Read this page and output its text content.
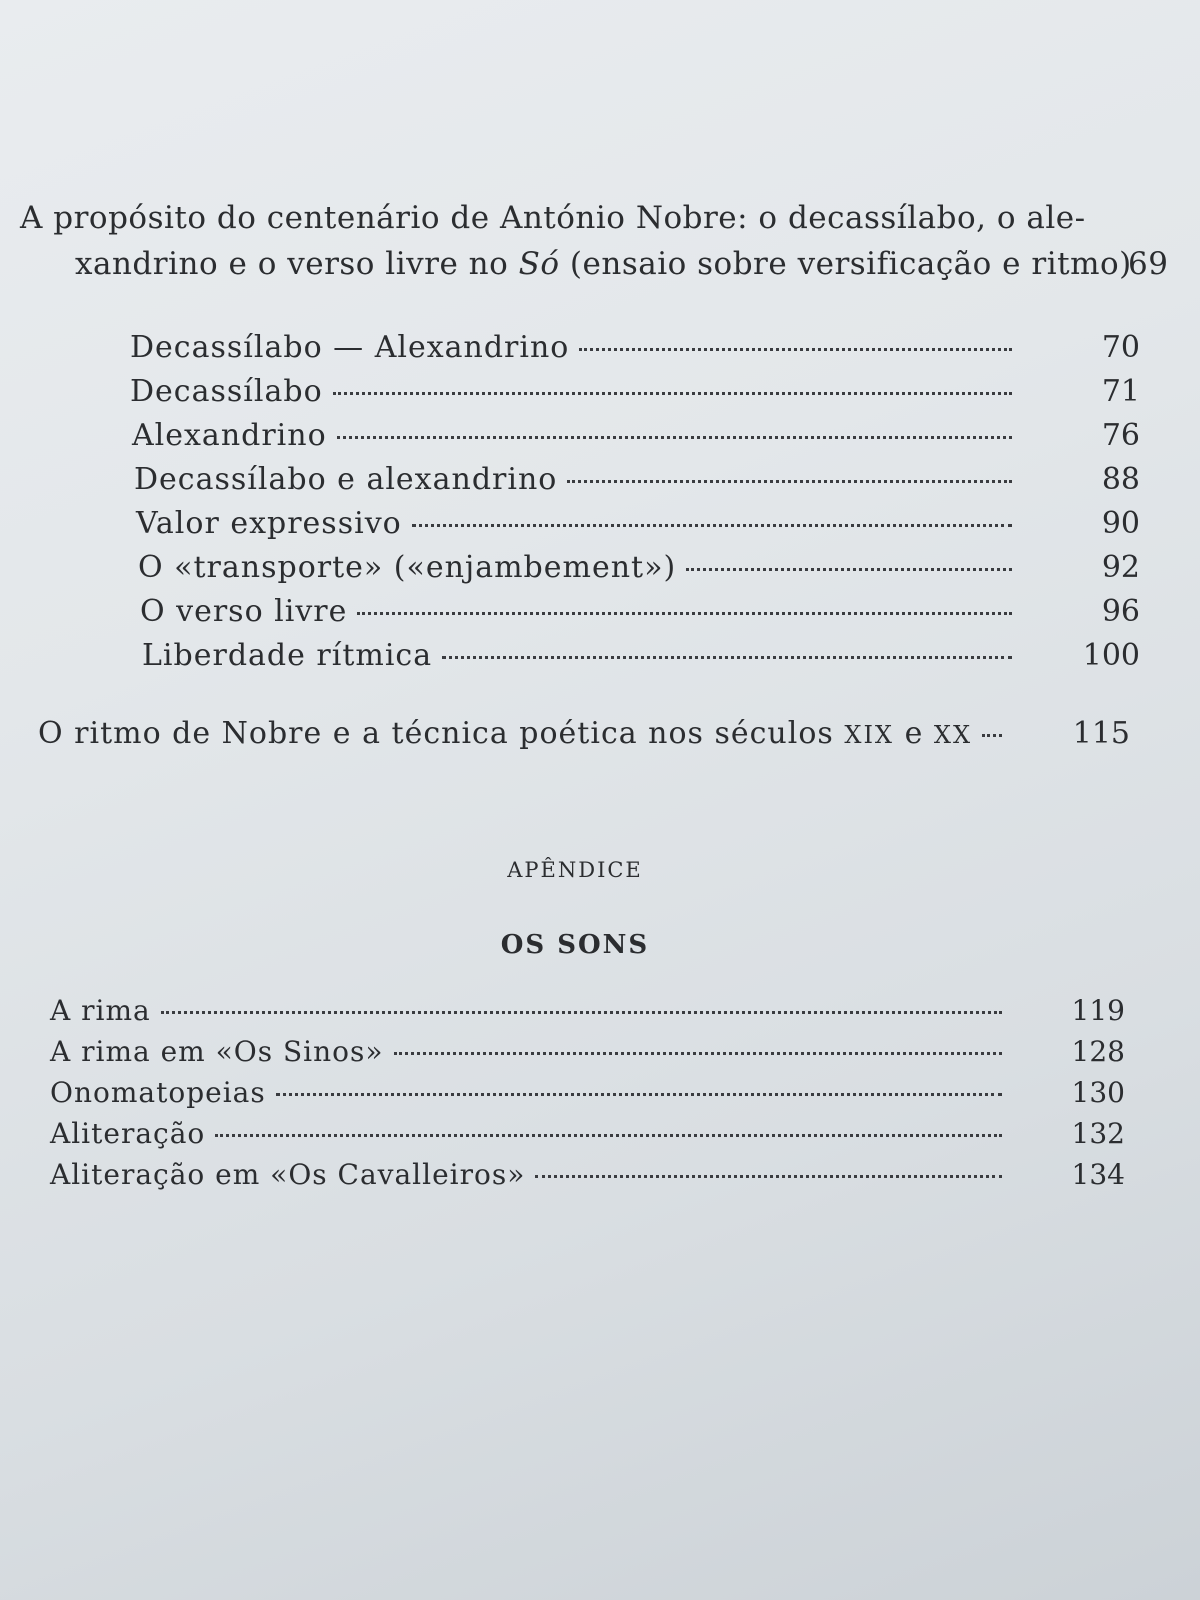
A propósito do centenário de António Nobre: o decassílabo, o ale-
xandrino e o verso livre no Só (ensaio sobre versificação e ritmo)
69
Decassílabo — Alexandrino	70
Decassílabo	71
Alexandrino	76
Decassílabo e alexandrino	88
Valor expressivo	90
O «transporte» («enjambement»)	92
O verso livre	96
Liberdade rítmica	100
O ritmo de Nobre e a técnica poética nos séculos XIX e XX	115
APÊNDICE
OS SONS
A rima	119
A rima em «Os Sinos»	128
Onomatopeias	130
Aliteração	132
Aliteração em «Os Cavalleiros»	134
